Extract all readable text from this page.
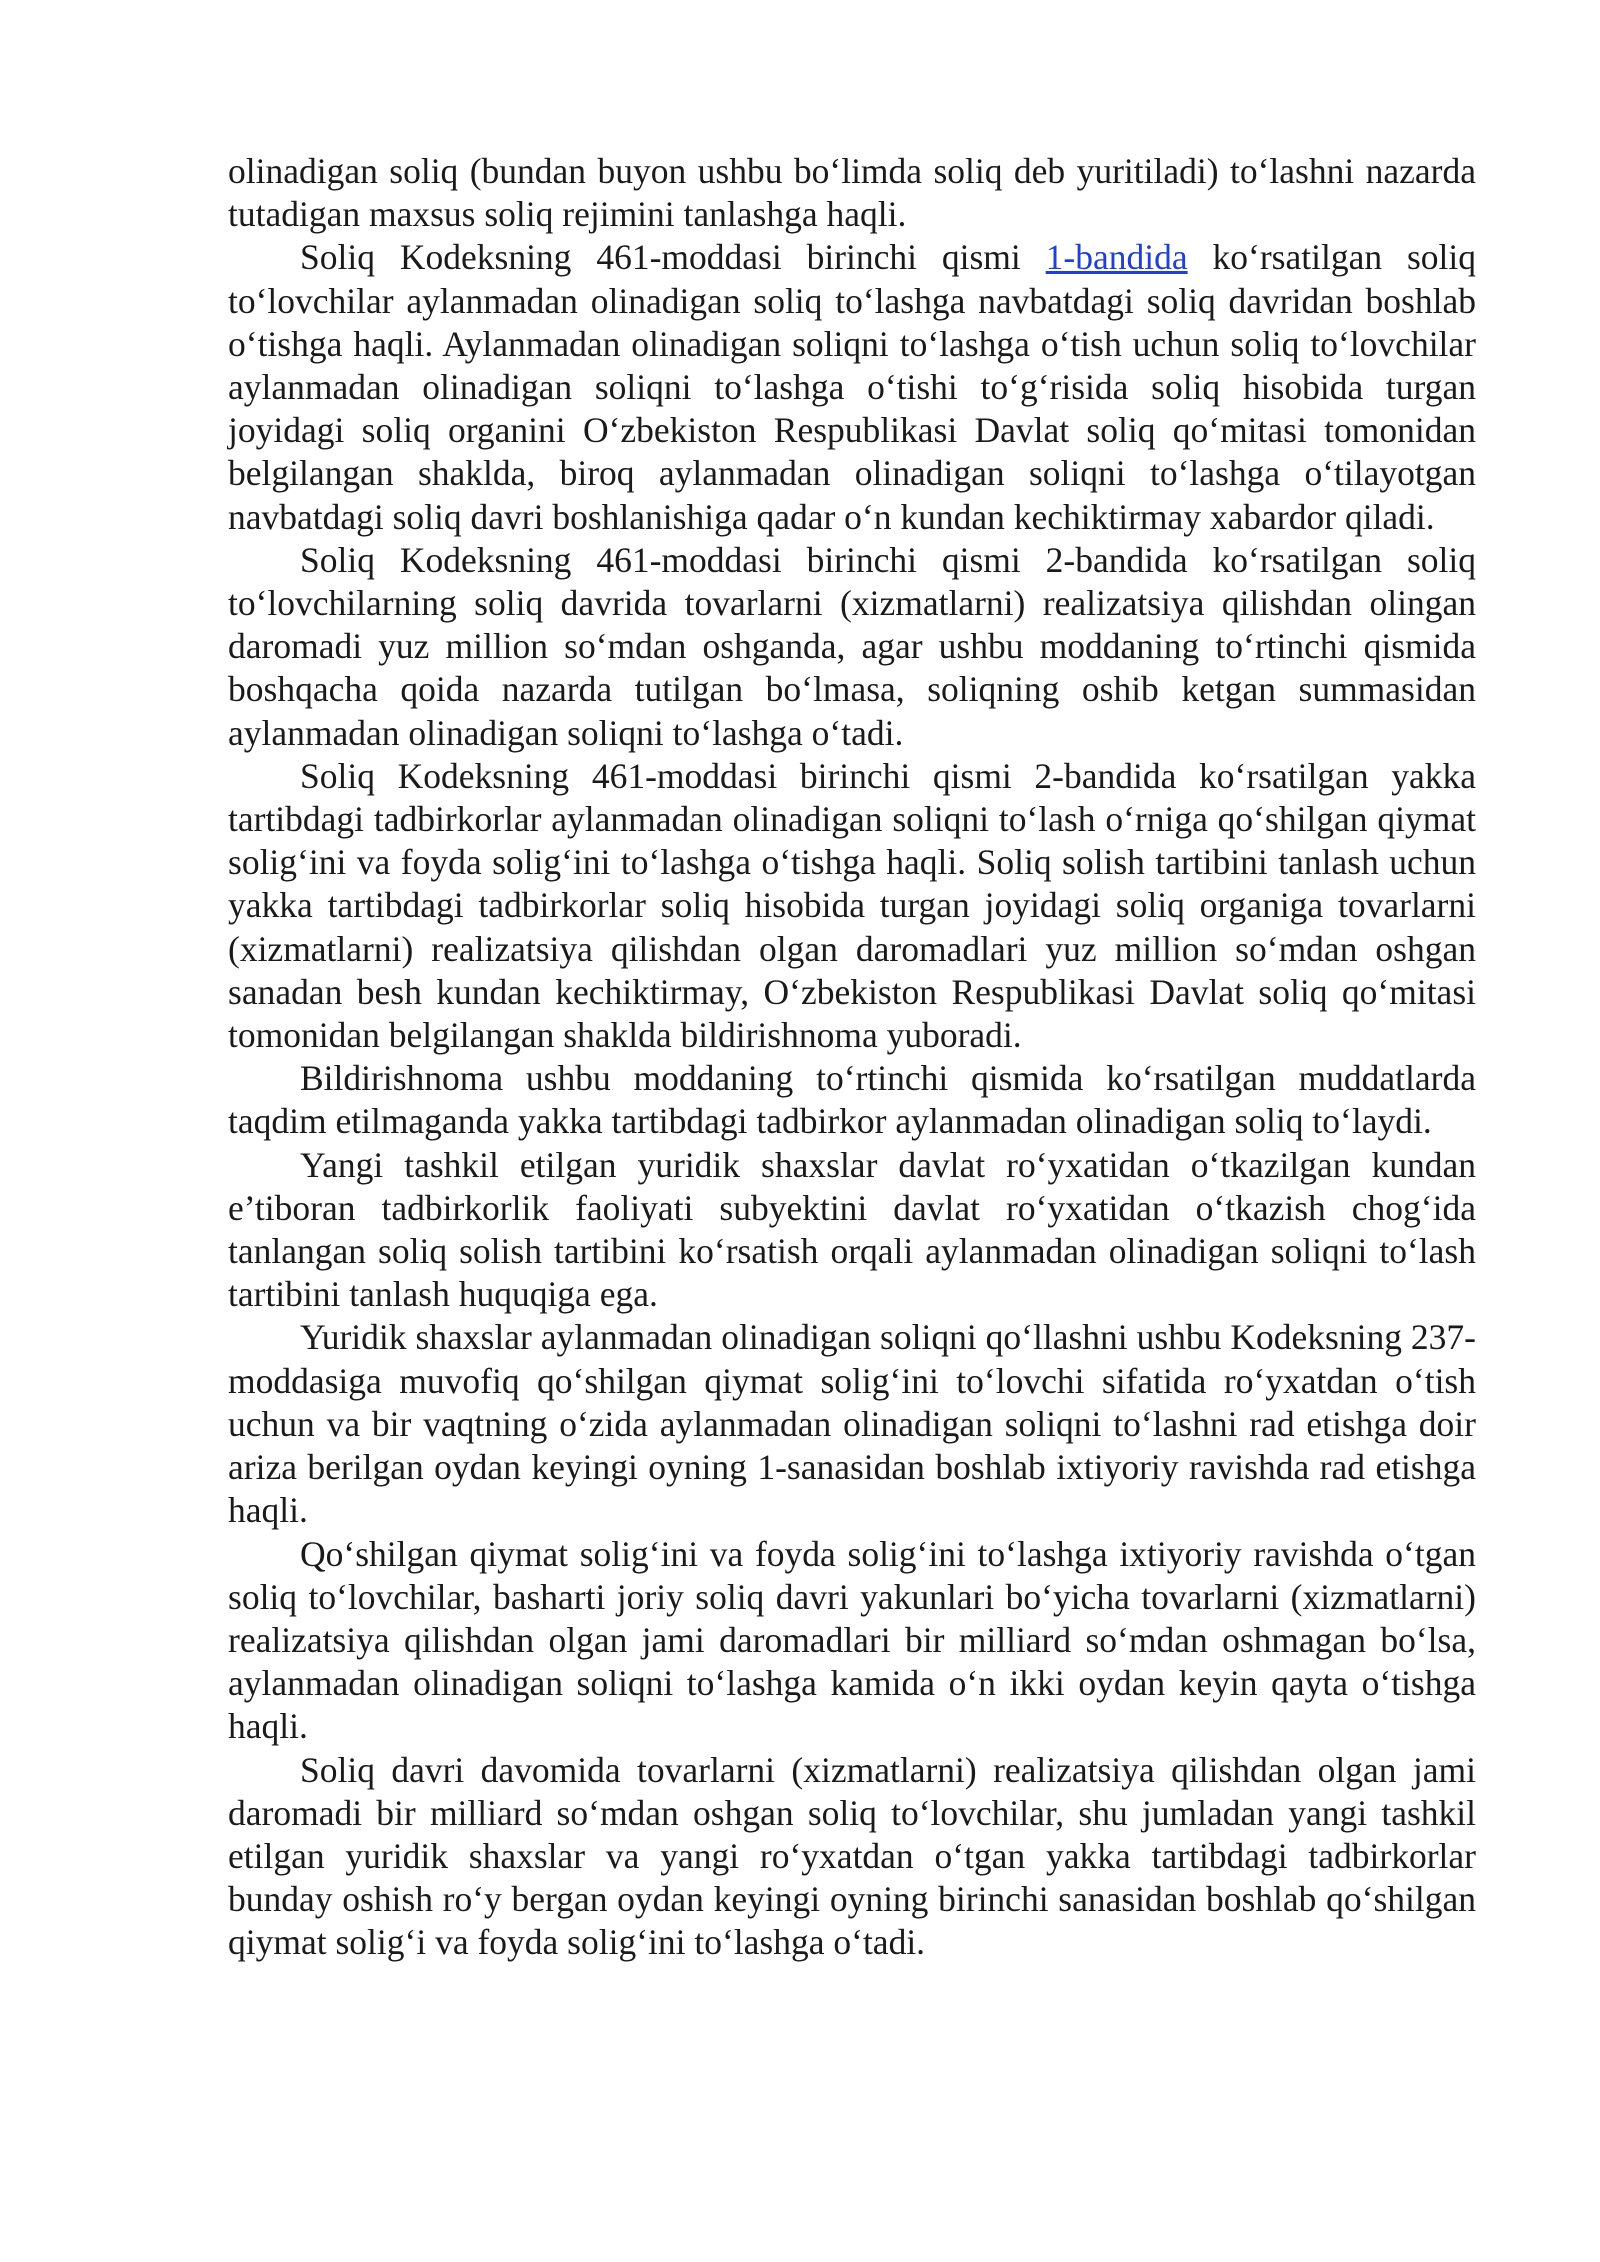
olinadigan soliq (bundan buyon ushbu bo‘limda soliq deb yuritiladi) to‘lashni nazarda tutadigan maxsus soliq rejimini tanlashga haqli.

Soliq Kodeksning 461-moddasi birinchi qismi 1-bandida ko‘rsatilgan soliq to‘lovchilar aylanmadan olinadigan soliq to‘lashga navbatdagi soliq davridan boshlab o‘tishga haqli. Aylanmadan olinadigan soliqni to‘lashga o‘tish uchun soliq to‘lovchilar aylanmadan olinadigan soliqni to‘lashga o‘tishi to‘g‘risida soliq hisobida turgan joyidagi soliq organini O‘zbekiston Respublikasi Davlat soliq qo‘mitasi tomonidan belgilangan shaklda, biroq aylanmadan olinadigan soliqni to‘lashga o‘tilayotgan navbatdagi soliq davri boshlanishiga qadar o‘n kundan kechiktirmay xabardor qiladi.

Soliq Kodeksning 461-moddasi birinchi qismi 2-bandida ko‘rsatilgan soliq to‘lovchilarning soliq davrida tovarlarni (xizmatlarni) realizatsiya qilishdan olingan daromadi yuz million so‘mdan oshganda, agar ushbu moddaning to‘rtinchi qismida boshqacha qoida nazarda tutilgan bo‘lmasa, soliqning oshib ketgan summasidan aylanmadan olinadigan soliqni to‘lashga o‘tadi.

Soliq Kodeksning 461-moddasi birinchi qismi 2-bandida ko‘rsatilgan yakka tartibdagi tadbirkorlar aylanmadan olinadigan soliqni to‘lash o‘rniga qo‘shilgan qiymat solig‘ini va foyda solig‘ini to‘lashga o‘tishga haqli. Soliq solish tartibini tanlash uchun yakka tartibdagi tadbirkorlar soliq hisobida turgan joyidagi soliq organiga tovarlarni (xizmatlarni) realizatsiya qilishdan olgan daromadlari yuz million so‘mdan oshgan sanadan besh kundan kechiktirmay, O‘zbekiston Respublikasi Davlat soliq qo‘mitasi tomonidan belgilangan shaklda bildirishnoma yuboradi.

Bildirishnoma ushbu moddaning to‘rtinchi qismida ko‘rsatilgan muddatlarda taqdim etilmaganda yakka tartibdagi tadbirkor aylanmadan olinadigan soliq to‘laydi.

Yangi tashkil etilgan yuridik shaxslar davlat ro‘yxatidan o‘tkazilgan kundan e’tiboran tadbirkorlik faoliyati subyektini davlat ro‘yxatidan o‘tkazish chog‘ida tanlangan soliq solish tartibini ko‘rsatish orqali aylanmadan olinadigan soliqni to‘lash tartibini tanlash huquqiga ega.

Yuridik shaxslar aylanmadan olinadigan soliqni qo‘llashni ushbu Kodeksning 237-moddasiga muvofiq qo‘shilgan qiymat solig‘ini to‘lovchi sifatida ro‘yxatdan o‘tish uchun va bir vaqtning o‘zida aylanmadan olinadigan soliqni to‘lashni rad etishga doir ariza berilgan oydan keyingi oyning 1-sanasidan boshlab ixtiyoriy ravishda rad etishga haqli.

Qo‘shilgan qiymat solig‘ini va foyda solig‘ini to‘lashga ixtiyoriy ravishda o‘tgan soliq to‘lovchilar, basharti joriy soliq davri yakunlari bo‘yicha tovarlarni (xizmatlarni) realizatsiya qilishdan olgan jami daromadlari bir milliard so‘mdan oshmagan bo‘lsa, aylanmadan olinadigan soliqni to‘lashga kamida o‘n ikki oydan keyin qayta o‘tishga haqli.

Soliq davri davomida tovarlarni (xizmatlarni) realizatsiya qilishdan olgan jami daromadi bir milliard so‘mdan oshgan soliq to‘lovchilar, shu jumladan yangi tashkil etilgan yuridik shaxslar va yangi ro‘yxatdan o‘tgan yakka tartibdagi tadbirkorlar bunday oshish ro‘y bergan oydan keyingi oyning birinchi sanasidan boshlab qo‘shilgan qiymat solig‘i va foyda solig‘ini to‘lashga o‘tadi.
